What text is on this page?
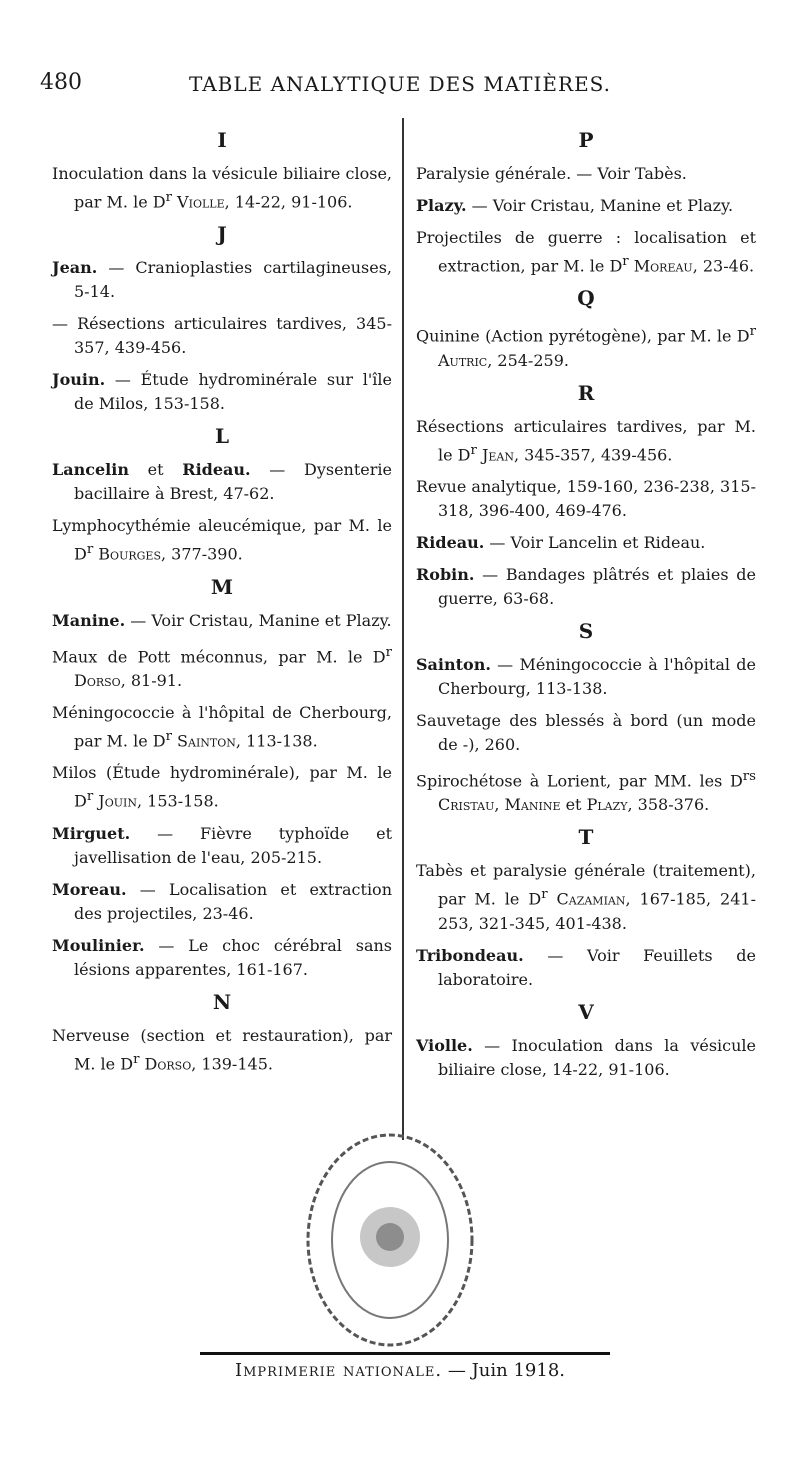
480	TABLE ANALYTIQUE DES MATIÈRES.
I

Inoculation dans la vésicule biliaire close, par M. le $D^r$ Violle, 14-22, 91-106.

J

Jean. — Cranioplasties cartilagineuses, 5-14.

— Résections articulaires tardives, 345-357, 439-456.

Jouin. — Étude hydrominérale sur l'île de Milos, 153-158.

L

Lancelin et Rideau. — Dysenterie bacillaire à Brest, 47-62.

Lymphocythémie aleucémique, par M. le $D^r$ Bourges, 377-390.

M

Manine. — Voir Cristau, Manine et Plazy.

Maux de Pott méconnus, par M. le $D^r$ Dorso, 81-91.

Méningococcie à l'hôpital de Cherbourg, par M. le $D^r$ Sainton, 113-138.

Milos (Étude hydrominérale), par M. le $D^r$ Jouin, 153-158.

Mirguet. — Fièvre typhoïde et javellisation de l'eau, 205-215.

Moreau. — Localisation et extraction des projectiles, 23-46.

Moulinier. — Le choc cérébral sans lésions apparentes, 161-167.

N

Nerveuse (section et restauration), par M. le $D^r$ Dorso, 139-145.

P

Paralysie générale. — Voir Tabès.

Plazy. — Voir Cristau, Manine et Plazy.

Projectiles de guerre : localisation et extraction, par M. le $D^r$ Moreau, 23-46.

Q

Quinine (Action pyrétogène), par M. le $D^r$ Autric, 254-259.

R

Résections articulaires tardives, par M. le $D^r$ Jean, 345-357, 439-456.

Revue analytique, 159-160, 236-238, 315-318, 396-400, 469-476.

Rideau. — Voir Lancelin et Rideau.

Robin. — Bandages plâtrés et plaies de guerre, 63-68.

S

Sainton. — Méningococcie à l'hôpital de Cherbourg, 113-138.

Sauvetage des blessés à bord (un mode de -), 260.

Spirochétose à Lorient, par MM. les $D^{rs}$ Cristau, Manine et Plazy, 358-376.

T

Tabès et paralysie générale (traitement), par M. le $D^r$ Cazamian, 167-185, 241-253, 321-345, 401-438.

Tribondeau. — Voir Feuillets de laboratoire.

V

Violle. — Inoculation dans la vésicule biliaire close, 14-22, 91-106.

Imprimerie nationale. — Juin 1918.
